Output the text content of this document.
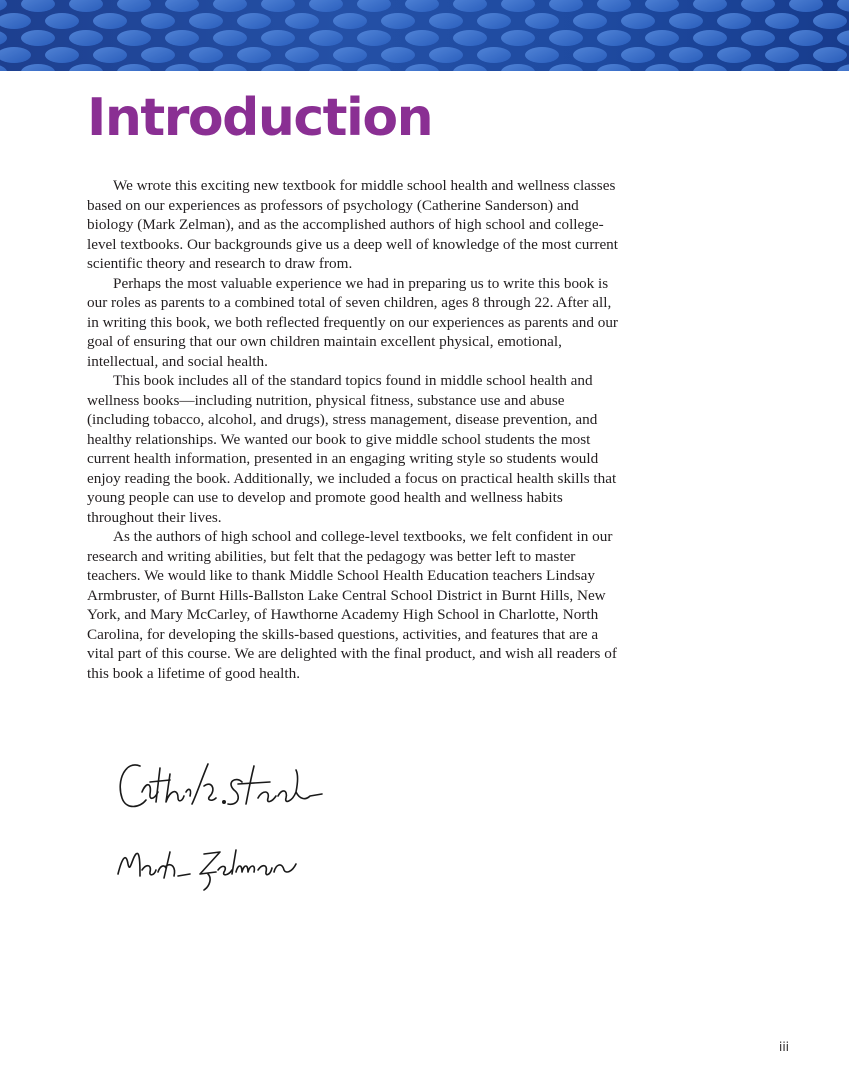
Introduction

We wrote this exciting new textbook for middle school health and wellness classes based on our experiences as professors of psychology (Catherine Sanderson) and biology (Mark Zelman), and as the accomplished authors of high school and college-level textbooks. Our backgrounds give us a deep well of knowledge of the most current scientific theory and research to draw from.

Perhaps the most valuable experience we had in preparing us to write this book is our roles as parents to a combined total of seven children, ages 8 through 22. After all, in writing this book, we both reflected frequently on our experiences as parents and our goal of ensuring that our own children maintain excellent physical, emotional, intellectual, and social health.

This book includes all of the standard topics found in middle school health and wellness books—including nutrition, physical fitness, substance use and abuse (including tobacco, alcohol, and drugs), stress management, disease prevention, and healthy relationships. We wanted our book to give middle school students the most current health information, presented in an engaging writing style so students would enjoy reading the book. Additionally, we included a focus on practical health skills that young people can use to develop and promote good health and wellness habits throughout their lives.

As the authors of high school and college-level textbooks, we felt confident in our research and writing abilities, but felt that the pedagogy was better left to master teachers. We would like to thank Middle School Health Education teachers Lindsay Armbruster, of Burnt Hills-Ballston Lake Central School District in Burnt Hills, New York, and Mary McCarley, of Hawthorne Academy High School in Charlotte, North Carolina, for developing the skills-based questions, activities, and features that are a vital part of this course. We are delighted with the final product, and wish all readers of this book a lifetime of good health.

iii
